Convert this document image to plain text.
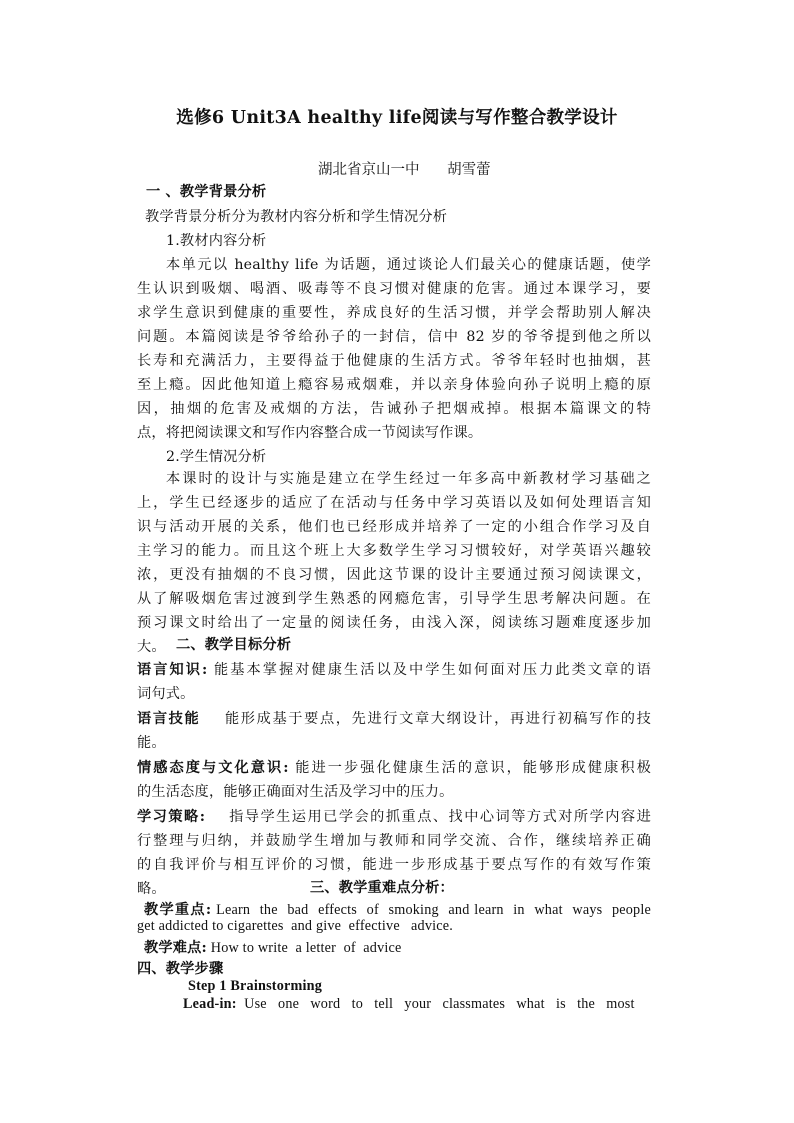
选修6 Unit3A healthy life阅读与写作整合教学设计
湖北省京山一中      胡雪蕾
一 、教学背景分析
教学背景分析分为教材内容分析和学生情况分析
1.教材内容分析
本单元以 healthy life 为话题，通过谈论人们最关心的健康话题，使学
生认识到吸烟、喝酒、吸毒等不良习惯对健康的危害。通过本课学习，要
求学生意识到健康的重要性，养成良好的生活习惯，并学会帮助别人解决
问题。本篇阅读是爷爷给孙子的一封信，信中 82 岁的爷爷提到他之所以
长寿和充满活力，主要得益于他健康的生活方式。爷爷年轻时也抽烟，甚
至上瘾。因此他知道上瘾容易戒烟难，并以亲身体验向孙子说明上瘾的原
因，抽烟的危害及戒烟的方法，告诫孙子把烟戒掉。根据本篇课文的特
点，将把阅读课文和写作内容整合成一节阅读写作课。
2.学生情况分析
本课时的设计与实施是建立在学生经过一年多高中新教材学习基础之
上，学生已经逐步的适应了在活动与任务中学习英语以及如何处理语言知
识与活动开展的关系，他们也已经形成并培养了一定的小组合作学习及自
主学习的能力。而且这个班上大多数学生学习习惯较好，对学英语兴趣较
浓，更没有抽烟的不良习惯，因此这节课的设计主要通过预习阅读课文，
从了解吸烟危害过渡到学生熟悉的网瘾危害，引导学生思考解决问题。在
预习课文时给出了一定量的阅读任务，由浅入深，阅读练习题难度逐步加
大。 二、教学目标分析
语言知识: 能基本掌握对健康生活以及中学生如何面对压力此类文章的语
词句式。
语言技能    能形成基于要点，先进行文章大纲设计，再进行初稿写作的技
能。
情感态度与文化意识: 能进一步强化健康生活的意识，能够形成健康积极
的生活态度，能够正确面对生活及学习中的压力。
学习策略:    指导学生运用已学会的抓重点、找中心词等方式对所学内容进
行整理与归纳，并鼓励学生增加与教师和同学交流、合作，继续培养正确
的自我评价与相互评价的习惯，能进一步形成基于要点写作的有效写作策
略。	三、教学重难点分析：
教学重点: Learn  the  bad  effects  of  smoking  and learn  in  what  ways  people
get addicted to cigarettes  and give  effective   advice.
教学难点: How to write  a letter  of  advice
四、教学步骤
Step 1 Brainstorming
Lead-in:  Use   one   word   to   tell   your   classmates   what   is   the   most
